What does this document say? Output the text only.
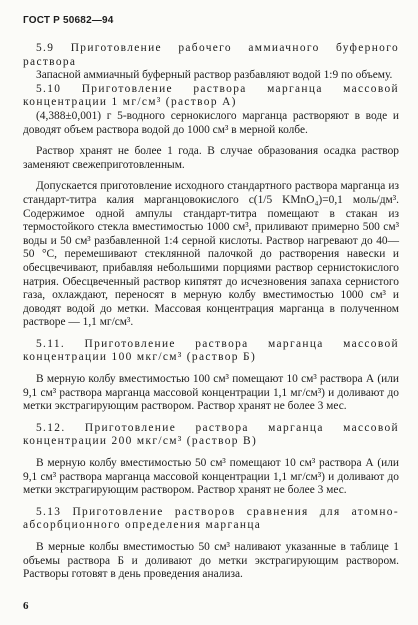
ГОСТ Р 50682—94

5.9 Приготовление рабочего аммиачного буферного раствора

Запасной аммиачный буферный раствор разбавляют водой 1:9 по объему.

5.10 Приготовление раствора марганца массовой концентрации 1 мг/см³ (раствор А)

(4,388±0,001) г 5-водного сернокислого марганца растворяют в воде и доводят объем раствора водой до 1000 см³ в мерной колбе.

Раствор хранят не более 1 года. В случае образования осадка раствор заменяют свежеприготовленным.

Допускается приготовление исходного стандартного раствора марганца из стандарт-титра калия марганцовокислого с(1/5 KMnO₄)=0,1 моль/дм³. Содержимое одной ампулы стандарт-титра помещают в стакан из термостойкого стекла вместимостью 1000 см³, приливают примерно 500 см³ воды и 50 см³ разбавленной 1:4 серной кислоты. Раствор нагревают до 40—50 °С, перемешивают стеклянной палочкой до растворения навески и обесцвечивают, прибавляя небольшими порциями раствор сернистокислого натрия. Обесцвеченный раствор кипятят до исчезновения запаха сернистого газа, охлаждают, переносят в мерную колбу вместимостью 1000 см³ и доводят водой до метки. Массовая концентрация марганца в полученном растворе — 1,1 мг/см³.

5.11. Приготовление раствора марганца массовой концентрации 100 мкг/см³ (раствор Б)

В мерную колбу вместимостью 100 см³ помещают 10 см³ раствора А (или 9,1 см³ раствора марганца массовой концентрации 1,1 мг/см³) и доливают до метки экстрагирующим раствором. Раствор хранят не более 3 мес.

5.12. Приготовление раствора марганца массовой концентрации 200 мкг/см³ (раствор В)

В мерную колбу вместимостью 50 см³ помещают 10 см³ раствора А (или 9,1 см³ раствора марганца массовой концентрации 1,1 мг/см³) и доливают до метки экстрагирующим раствором. Раствор хранят не более 3 мес.

5.13 Приготовление растворов сравнения для атомно-абсорбционного определения марганца

В мерные колбы вместимостью 50 см³ наливают указанные в таблице 1 объемы раствора Б и доливают до метки экстрагирующим раствором. Растворы готовят в день проведения анализа.

6
